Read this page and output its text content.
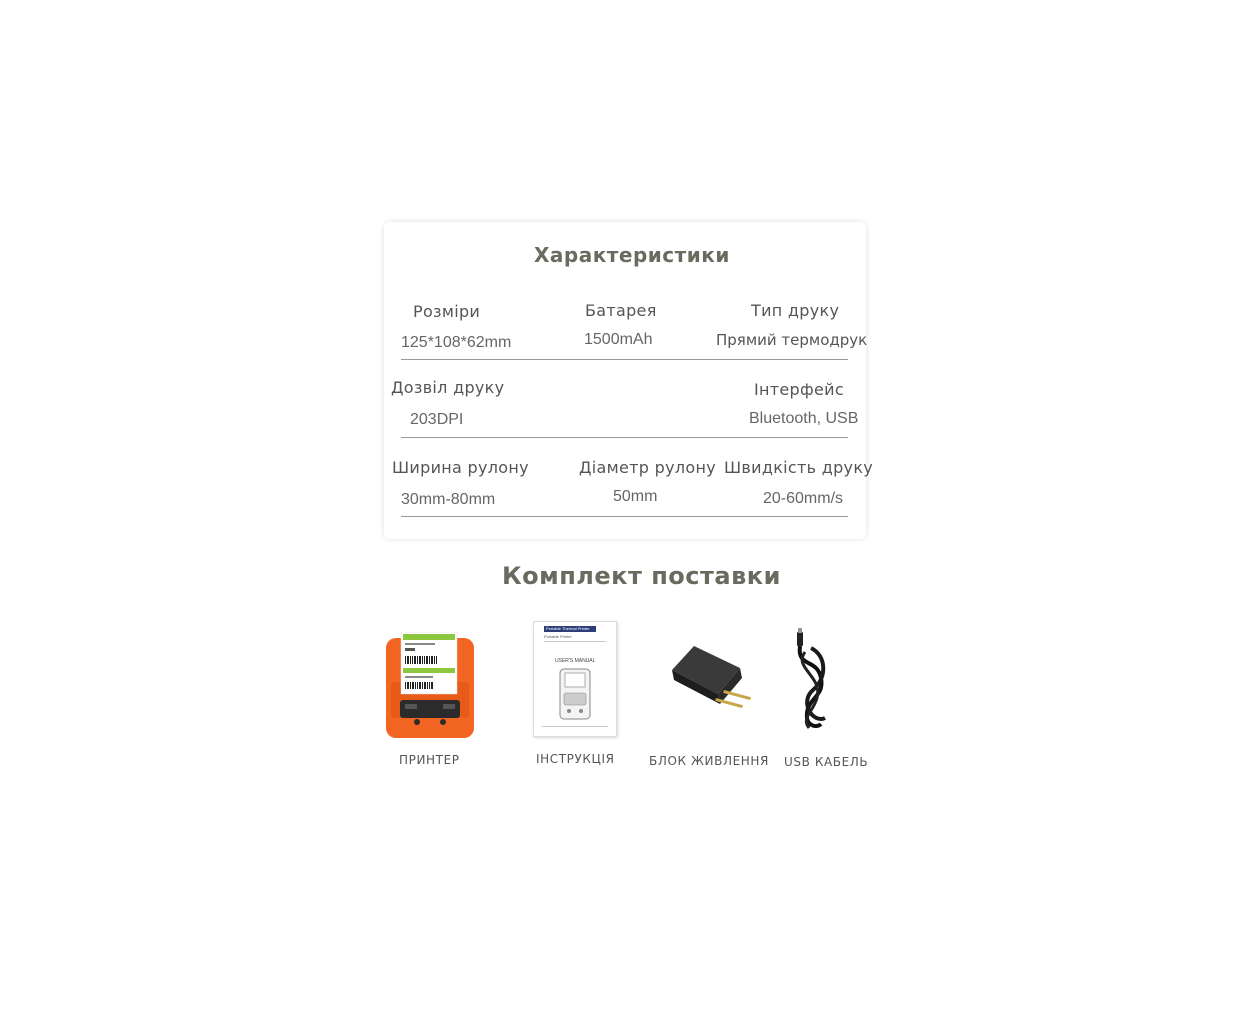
Характеристики
Розміри
125*108*62mm
Батарея
1500mAh
Тип друку
Прямий термодрук
Дозвіл друку
203DPI
Інтерфейс
Bluetooth, USB
Ширина рулону
30mm-80mm
Діаметр рулону
50mm
Швидкість друку
20-60mm/s
Комплект поставки
Portable Thermal Printer
Portable Printer
USER'S MANUAL
ПРИНТЕР	ІНСТРУКЦІЯ	БЛОК ЖИВЛЕННЯ USB КАБЕЛЬ
